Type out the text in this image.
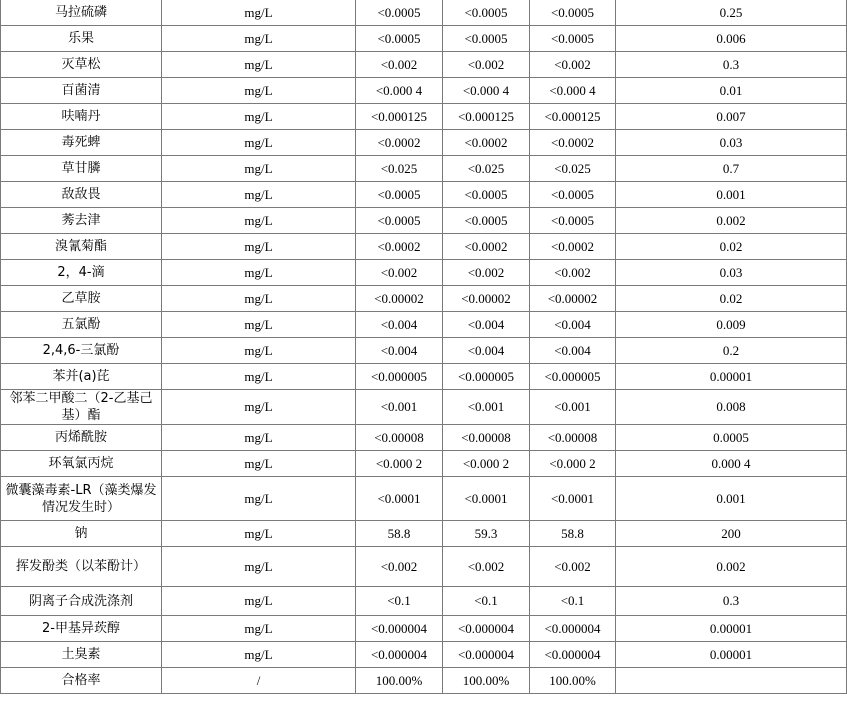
马拉硫磷	mg/L	<0.0005	<0.0005	<0.0005	0.25
乐果	mg/L	<0.0005	<0.0005	<0.0005	0.006
灭草松	mg/L	<0.002	<0.002	<0.002	0.3
百菌清	mg/L	<0.000 4	<0.000 4	<0.000 4	0.01
呋喃丹	mg/L	<0.000125	<0.000125	<0.000125	0.007
毒死蜱	mg/L	<0.0002	<0.0002	<0.0002	0.03
草甘膦	mg/L	<0.025	<0.025	<0.025	0.7
敌敌畏	mg/L	<0.0005	<0.0005	<0.0005	0.001
莠去津	mg/L	<0.0005	<0.0005	<0.0005	0.002
溴氰菊酯	mg/L	<0.0002	<0.0002	<0.0002	0.02
2，4-滴	mg/L	<0.002	<0.002	<0.002	0.03
乙草胺	mg/L	<0.00002	<0.00002	<0.00002	0.02
五氯酚	mg/L	<0.004	<0.004	<0.004	0.009
2,4,6-三氯酚	mg/L	<0.004	<0.004	<0.004	0.2
苯并(a)芘	mg/L	<0.000005	<0.000005	<0.000005	0.00001
邻苯二甲酸二（2-乙基己基）酯	mg/L	<0.001	<0.001	<0.001	0.008
丙烯酰胺	mg/L	<0.00008	<0.00008	<0.00008	0.0005
环氧氯丙烷	mg/L	<0.000 2	<0.000 2	<0.000 2	0.000 4
微囊藻毒素-LR（藻类爆发情况发生时）	mg/L	<0.0001	<0.0001	<0.0001	0.001
钠	mg/L	58.8	59.3	58.8	200
挥发酚类（以苯酚计）	mg/L	<0.002	<0.002	<0.002	0.002
阴离子合成洗涤剂	mg/L	<0.1	<0.1	<0.1	0.3
2-甲基异莰醇	mg/L	<0.000004	<0.000004	<0.000004	0.00001
土臭素	mg/L	<0.000004	<0.000004	<0.000004	0.00001
合格率	/	100.00%	100.00%	100.00%	
